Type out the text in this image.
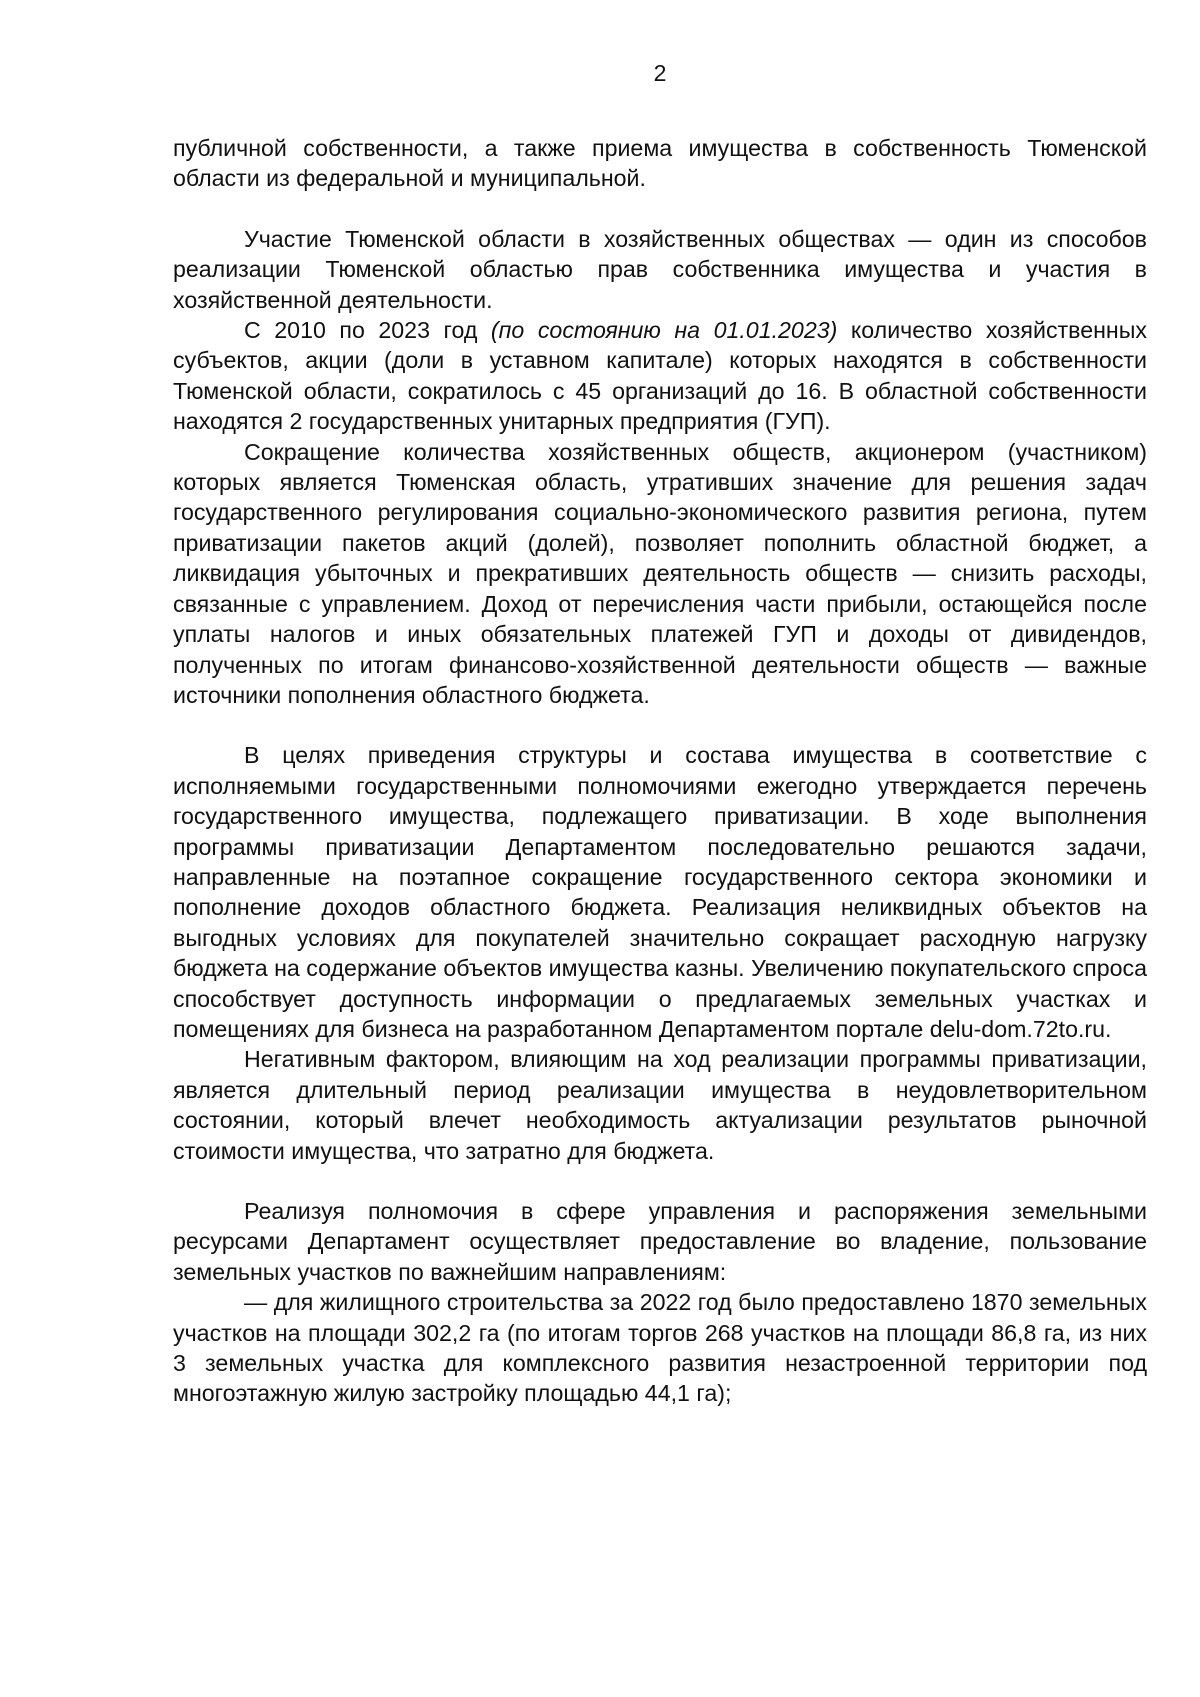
2

публичной собственности, а также приема имущества в собственность Тюменской области из федеральной и муниципальной.

Участие Тюменской области в хозяйственных обществах — один из способов реализации Тюменской областью прав собственника имущества и участия в хозяйственной деятельности.

С 2010 по 2023 год (по состоянию на 01.01.2023) количество хозяйственных субъектов, акции (доли в уставном капитале) которых находятся в собственности Тюменской области, сократилось с 45 организаций до 16. В областной собственности находятся 2 государственных унитарных предприятия (ГУП).

Сокращение количества хозяйственных обществ, акционером (участником) которых является Тюменская область, утративших значение для решения задач государственного регулирования социально-экономического развития региона, путем приватизации пакетов акций (долей), позволяет пополнить областной бюджет, а ликвидация убыточных и прекративших деятельность обществ — снизить расходы, связанные с управлением. Доход от перечисления части прибыли, остающейся после уплаты налогов и иных обязательных платежей ГУП и доходы от дивидендов, полученных по итогам финансово-хозяйственной деятельности обществ — важные источники пополнения областного бюджета.

В целях приведения структуры и состава имущества в соответствие с исполняемыми государственными полномочиями ежегодно утверждается перечень государственного имущества, подлежащего приватизации. В ходе выполнения программы приватизации Департаментом последовательно решаются задачи, направленные на поэтапное сокращение государственного сектора экономики и пополнение доходов областного бюджета. Реализация неликвидных объектов на выгодных условиях для покупателей значительно сокращает расходную нагрузку бюджета на содержание объектов имущества казны. Увеличению покупательского спроса способствует доступность информации о предлагаемых земельных участках и помещениях для бизнеса на разработанном Департаментом портале delu-dom.72to.ru.

Негативным фактором, влияющим на ход реализации программы приватизации, является длительный период реализации имущества в неудовлетворительном состоянии, который влечет необходимость актуализации результатов рыночной стоимости имущества, что затратно для бюджета.

Реализуя полномочия в сфере управления и распоряжения земельными ресурсами Департамент осуществляет предоставление во владение, пользование земельных участков по важнейшим направлениям:

— для жилищного строительства за 2022 год было предоставлено 1870 земельных участков на площади 302,2 га (по итогам торгов 268 участков на площади 86,8 га, из них 3 земельных участка для комплексного развития незастроенной территории под многоэтажную жилую застройку площадью 44,1 га);
